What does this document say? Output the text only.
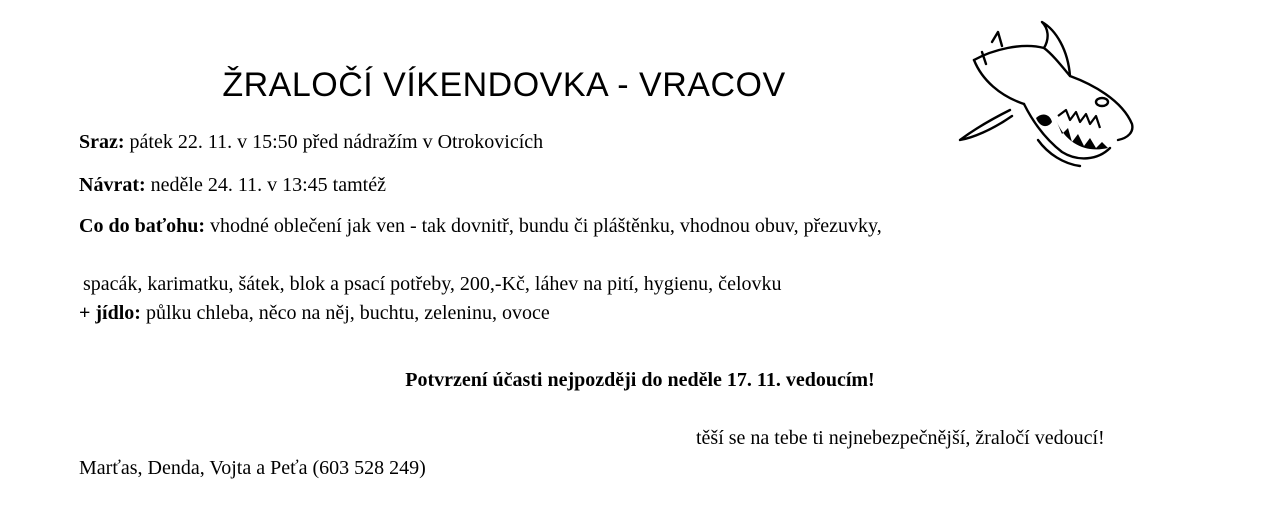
ŽRALOČÍ VÍKENDOVKA - VRACOV
Sraz: pátek 22. 11. v 15:50 před nádražím v Otrokovicích
Návrat: neděle 24. 11. v 13:45 tamtéž
Co do baťohu: vhodné oblečení jak ven - tak dovnitř, bundu či pláštěnku, vhodnou obuv, přezuvky,
spacák, karimatku, šátek, blok a psací potřeby, 200,-Kč, láhev na pití, hygienu, čelovku
+ jídlo: půlku chleba, něco na něj, buchtu, zeleninu, ovoce
Potvrzení účasti nejpozději do neděle 17. 11. vedoucím!
těší se na tebe ti nejnebezpečnější, žraločí vedoucí!
Marťas, Denda, Vojta a Peťa (603 528 249)
